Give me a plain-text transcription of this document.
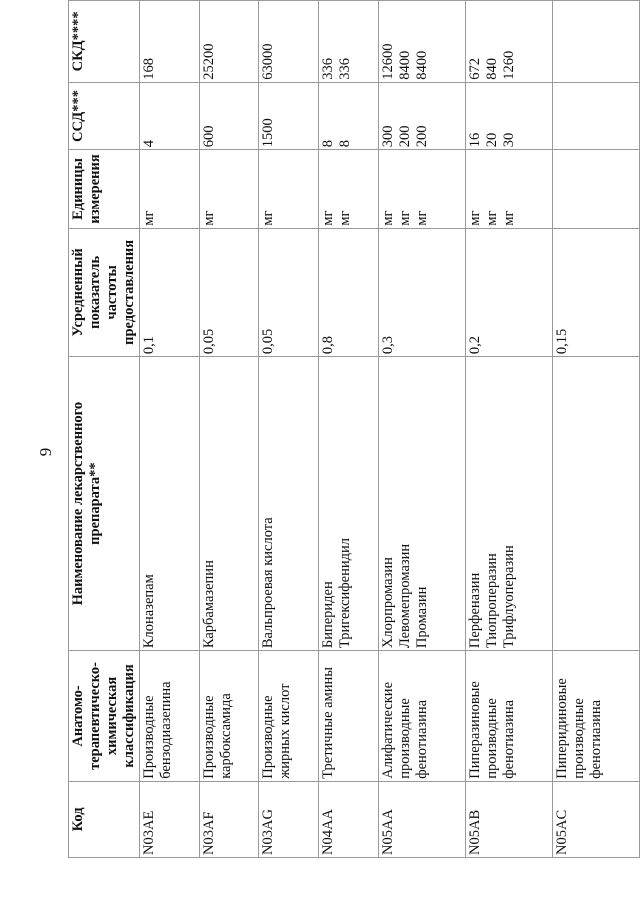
9
Код	Анатомо-терапевтическо-химическая классификация	Наименование лекарственного препарата**	Усредненный показатель частоты предоставления	Единицы измерения	ССД***	СКД****
N03AE	Производные бензодиазепина	Клоназепам	0,1	мг	4	168

N03AF	Производные карбоксамида	Карбамазепин	0,05	мг	600	25200

N03AG	Производные жирных кислот	Вальпроевая кислота	0,05	мг	1500	63000

N04AA	Третичные амины	Бипериден Тригексифенидил	0,8	мг мг	8 8	336 336

N05AA	Алифатические производные фенотиазина	Хлорпромазин Левомепромазин Промазин	0,3	мг мг мг	300 200 200	12600 8400 8400

N05AB	Пиперазиновые производные фенотиазина	Перфеназин Тиопроперазин Трифлуоперазин	0,2	мг мг мг	16 20 30	672 840 1260

N05AC	Пиперидиновые производные фенотиазина		0,15			
